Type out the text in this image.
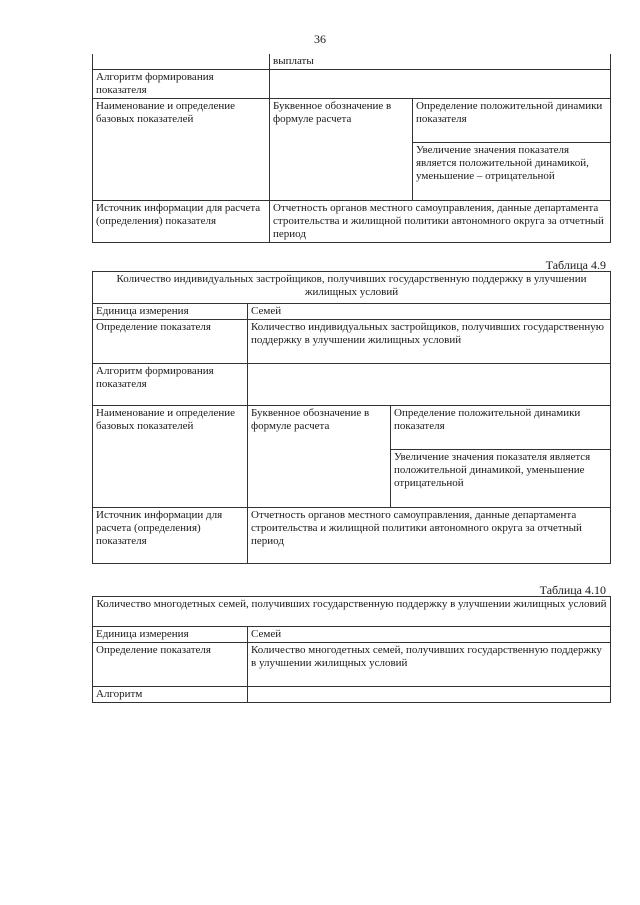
36
	выплаты	
Алгоритм формирования показателя		
Наименование и определение базовых показателей	Буквенное обозначение в формуле расчета	Определение положительной динамики показателя
		Увеличение значения показателя является положительной динамикой, уменьшение – отрицательной
Источник информации для расчета (определения) показателя	Отчетность органов местного самоуправления, данные департамента строительства и жилищной политики автономного округа за отчетный период	
Таблица 4.9
Количество индивидуальных застройщиков, получивших государственную поддержку в улучшении жилищных условий		
Единица измерения	Семей	
Определение показателя	Количество индивидуальных застройщиков, получивших государственную поддержку в улучшении жилищных условий	
Алгоритм формирования показателя		
Наименование и определение базовых показателей	Буквенное обозначение в формуле расчета	Определение положительной динамики показателя
		Увеличение значения показателя является положительной динамикой, уменьшение отрицательной
Источник информации для расчета (определения) показателя	Отчетность органов местного самоуправления, данные департамента строительства и жилищной политики автономного округа за отчетный период	
Таблица 4.10
Количество многодетных семей, получивших государственную поддержку в улучшении жилищных условий	
Единица измерения	Семей
Определение показателя	Количество многодетных семей, получивших государственную поддержку в улучшении жилищных условий
Алгоритм	
